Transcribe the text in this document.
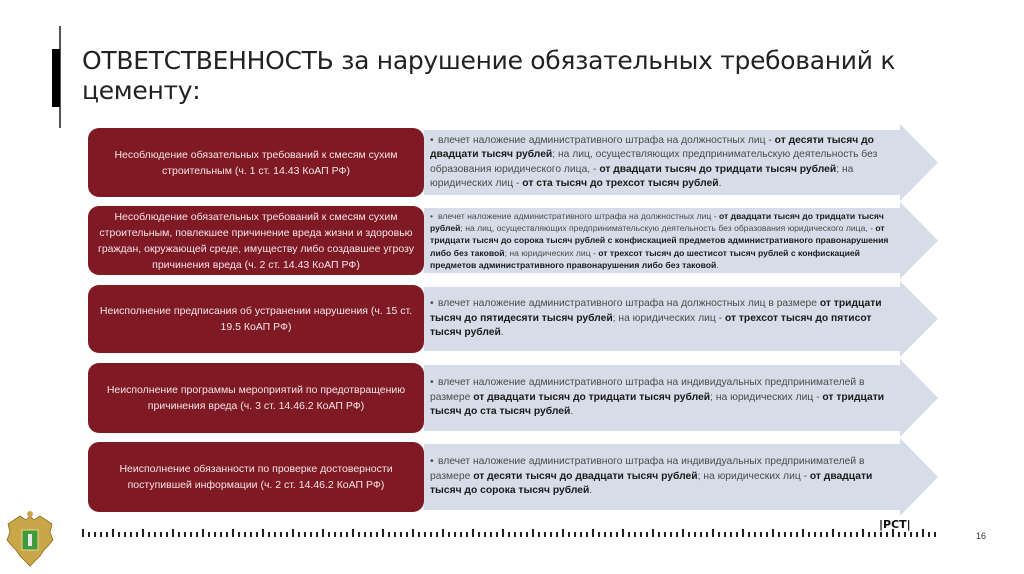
ОТВЕТСТВЕННОСТЬ за нарушение обязательных требований к цементу:
Несоблюдение обязательных требований к смесям сухим строительным (ч. 1 ст. 14.43 КоАП РФ)
• влечет наложение административного штрафа на должностных лиц - от десяти тысяч до двадцати тысяч рублей; на лиц, осуществляющих предпринимательскую деятельность без образования юридического лица, - от двадцати тысяч до тридцати тысяч рублей; на юридических лиц - от ста тысяч до трехсот тысяч рублей.
Несоблюдение обязательных требований к смесям сухим строительным, повлекшее причинение вреда жизни и здоровью граждан, окружающей среде, имуществу либо создавшее угрозу причинения вреда (ч. 2 ст. 14.43 КоАП РФ)
• влечет наложение административного штрафа на должностных лиц - от двадцати тысяч до тридцати тысяч рублей; на лиц, осуществляющих предпринимательскую деятельность без образования юридического лица, - от тридцати тысяч до сорока тысяч рублей с конфискацией предметов административного правонарушения либо без таковой; на юридических лиц - от трехсот тысяч до шестисот тысяч рублей с конфискацией предметов административного правонарушения либо без таковой.
Неисполнение предписания об устранении нарушения (ч. 15 ст. 19.5 КоАП РФ)
• влечет наложение административного штрафа на должностных лиц в размере от тридцати тысяч до пятидесяти тысяч рублей; на юридических лиц - от трехсот тысяч до пятисот тысяч рублей.
Неисполнение программы мероприятий по предотвращению причинения вреда (ч. 3 ст. 14.46.2 КоАП РФ)
• влечет наложение административного штрафа на индивидуальных предпринимателей в размере от двадцати тысяч до тридцати тысяч рублей; на юридических лиц - от тридцати тысяч до ста тысяч рублей.
Неисполнение обязанности по проверке достоверности поступившей информации (ч. 2 ст. 14.46.2 КоАП РФ)
• влечет наложение административного штрафа на индивидуальных предпринимателей в размере от десяти тысяч до двадцати тысяч рублей; на юридических лиц - от двадцати тысяч до сорока тысяч рублей.
|PCT|
16
